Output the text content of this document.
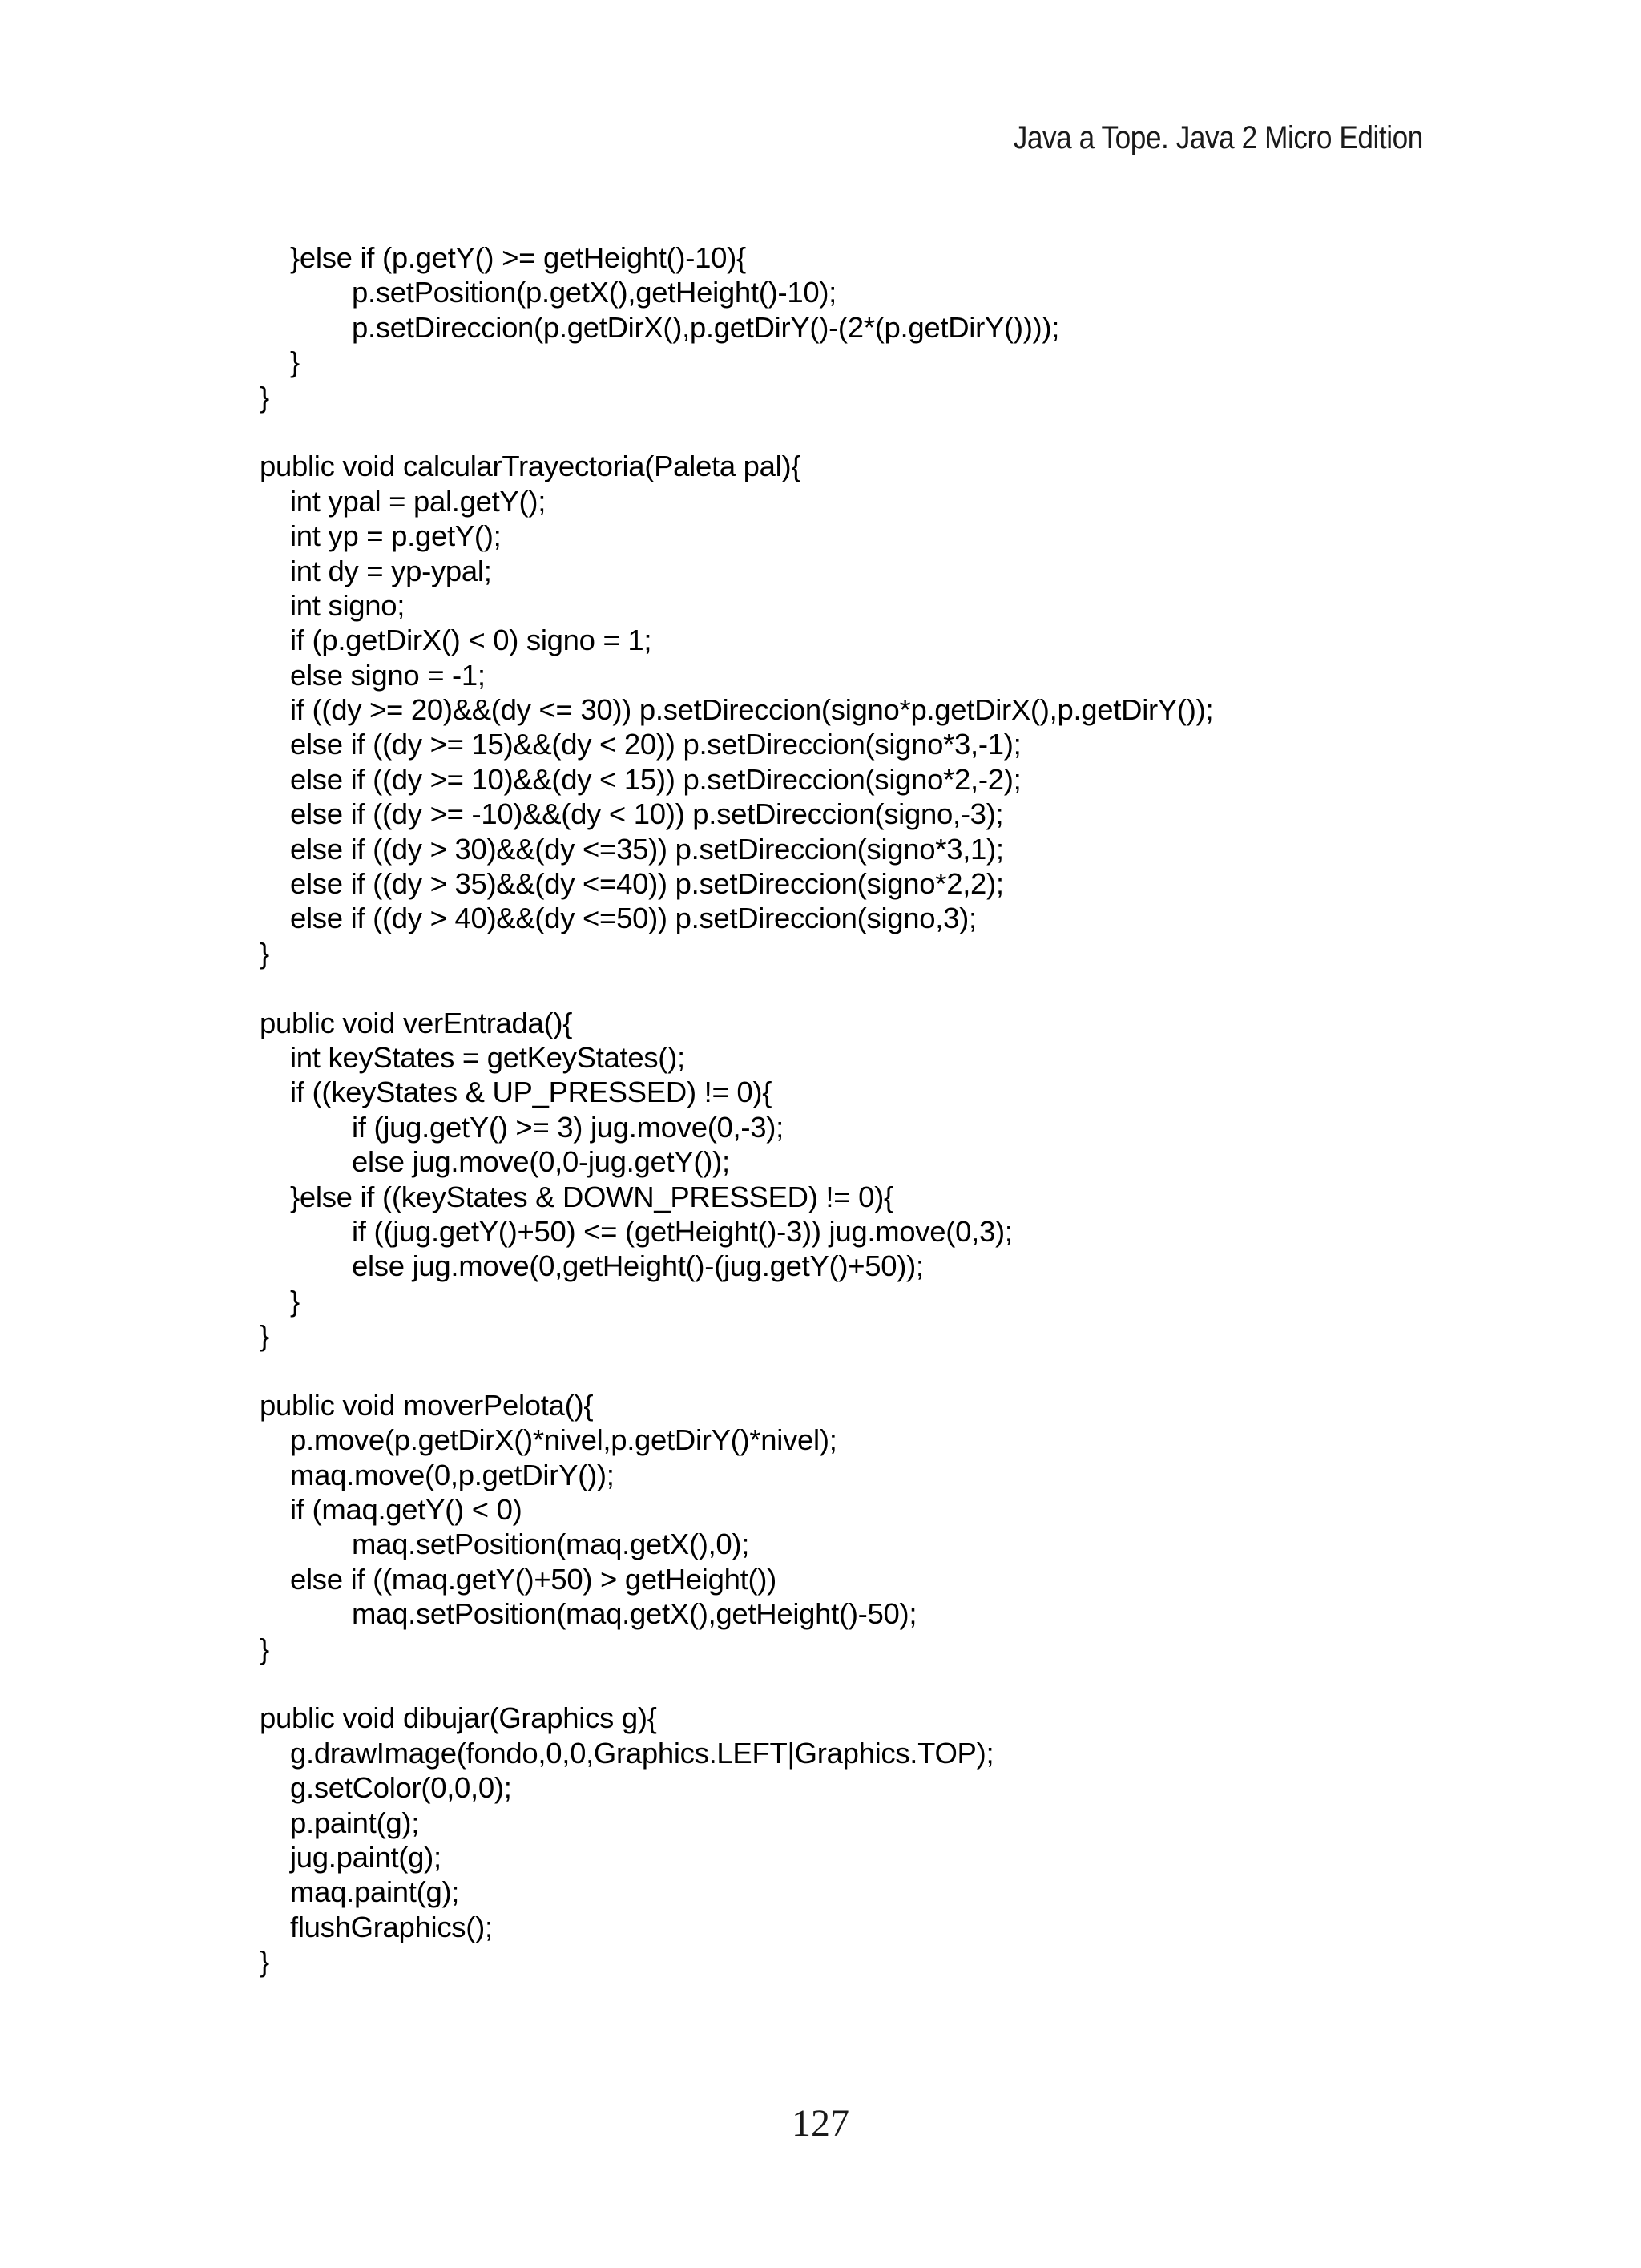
Java a Tope. Java 2 Micro Edition
}else if (p.getY() >= getHeight()-10){
p.setPosition(p.getX(),getHeight()-10);
p.setDireccion(p.getDirX(),p.getDirY()-(2*(p.getDirY())));
}
}
public void calcularTrayectoria(Paleta pal){
int ypal = pal.getY();
int yp = p.getY();
int dy = yp-ypal;
int signo;
if (p.getDirX() < 0) signo = 1;
else signo = -1;
if ((dy >= 20)&&(dy <= 30)) p.setDireccion(signo*p.getDirX(),p.getDirY());
else if ((dy >= 15)&&(dy < 20)) p.setDireccion(signo*3,-1);
else if ((dy >= 10)&&(dy < 15)) p.setDireccion(signo*2,-2);
else if ((dy >= -10)&&(dy < 10)) p.setDireccion(signo,-3);
else if ((dy > 30)&&(dy <=35)) p.setDireccion(signo*3,1);
else if ((dy > 35)&&(dy <=40)) p.setDireccion(signo*2,2);
else if ((dy > 40)&&(dy <=50)) p.setDireccion(signo,3);
}
public void verEntrada(){
int keyStates = getKeyStates();
if ((keyStates & UP_PRESSED) != 0){
if (jug.getY() >= 3) jug.move(0,-3);
else jug.move(0,0-jug.getY());
}else if ((keyStates & DOWN_PRESSED) != 0){
if ((jug.getY()+50) <= (getHeight()-3)) jug.move(0,3);
else jug.move(0,getHeight()-(jug.getY()+50));
}
}
public void moverPelota(){
p.move(p.getDirX()*nivel,p.getDirY()*nivel);
maq.move(0,p.getDirY());
if (maq.getY() < 0)
maq.setPosition(maq.getX(),0);
else if ((maq.getY()+50) > getHeight())
maq.setPosition(maq.getX(),getHeight()-50);
}
public void dibujar(Graphics g){
g.drawImage(fondo,0,0,Graphics.LEFT|Graphics.TOP);
g.setColor(0,0,0);
p.paint(g);
jug.paint(g);
maq.paint(g);
flushGraphics();
}
127
